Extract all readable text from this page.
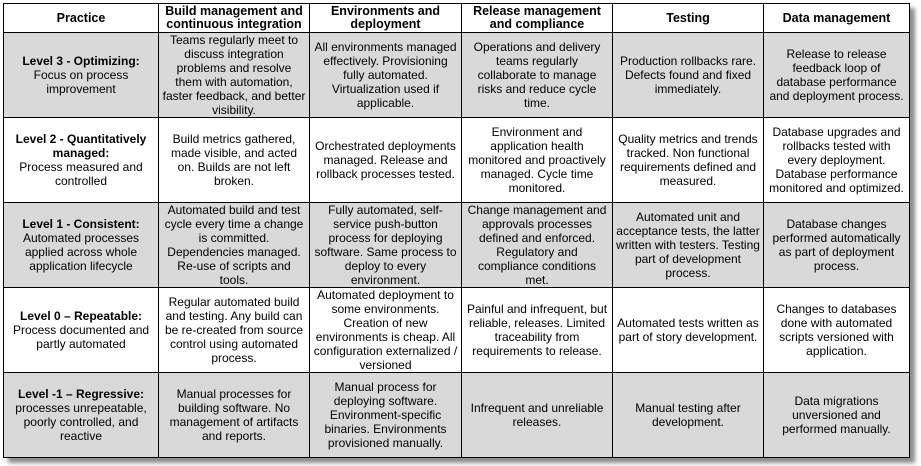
Practice	Build management and continuous integration	Environments and deployment	Release management and compliance	Testing	Data management

Level 3 - Optimizing:
Focus on process improvement	Teams regularly meet to discuss integration problems and resolve them with automation, faster feedback, and better visibility.	All environments managed effectively. Provisioning fully automated. Virtualization used if applicable.	Operations and delivery teams regularly collaborate to manage risks and reduce cycle time.	Production rollbacks rare. Defects found and fixed immediately.	Release to release feedback loop of database performance and deployment process.

Level 2 - Quantitatively managed:
Process measured and controlled	Build metrics gathered, made visible, and acted on. Builds are not left broken.	Orchestrated deployments managed. Release and rollback processes tested.	Environment and application health monitored and proactively managed. Cycle time monitored.	Quality metrics and trends tracked. Non functional requirements defined and measured.	Database upgrades and rollbacks tested with every deployment. Database performance monitored and optimized.

Level 1 - Consistent:
Automated processes applied across whole application lifecycle	Automated build and test cycle every time a change is committed. Dependencies managed. Re-use of scripts and tools.	Fully automated, self-service push-button process for deploying software. Same process to deploy to every environment.	Change management and approvals processes defined and enforced. Regulatory and compliance conditions met.	Automated unit and acceptance tests, the latter written with testers. Testing part of development process.	Database changes performed automatically as part of deployment process.

Level 0 – Repeatable:
Process documented and partly automated	Regular automated build and testing. Any build can be re-created from source control using automated process.	Automated deployment to some environments. Creation of new environments is cheap. All configuration externalized / versioned	Painful and infrequent, but reliable, releases. Limited traceability from requirements to release.	Automated tests written as part of story development.	Changes to databases done with automated scripts versioned with application.

Level -1 – Regressive:
processes unrepeatable, poorly controlled, and reactive	Manual processes for building software. No management of artifacts and reports.	Manual process for deploying software. Environment-specific binaries. Environments provisioned manually.	Infrequent and unreliable releases.	Manual testing after development.	Data migrations unversioned and performed manually.
